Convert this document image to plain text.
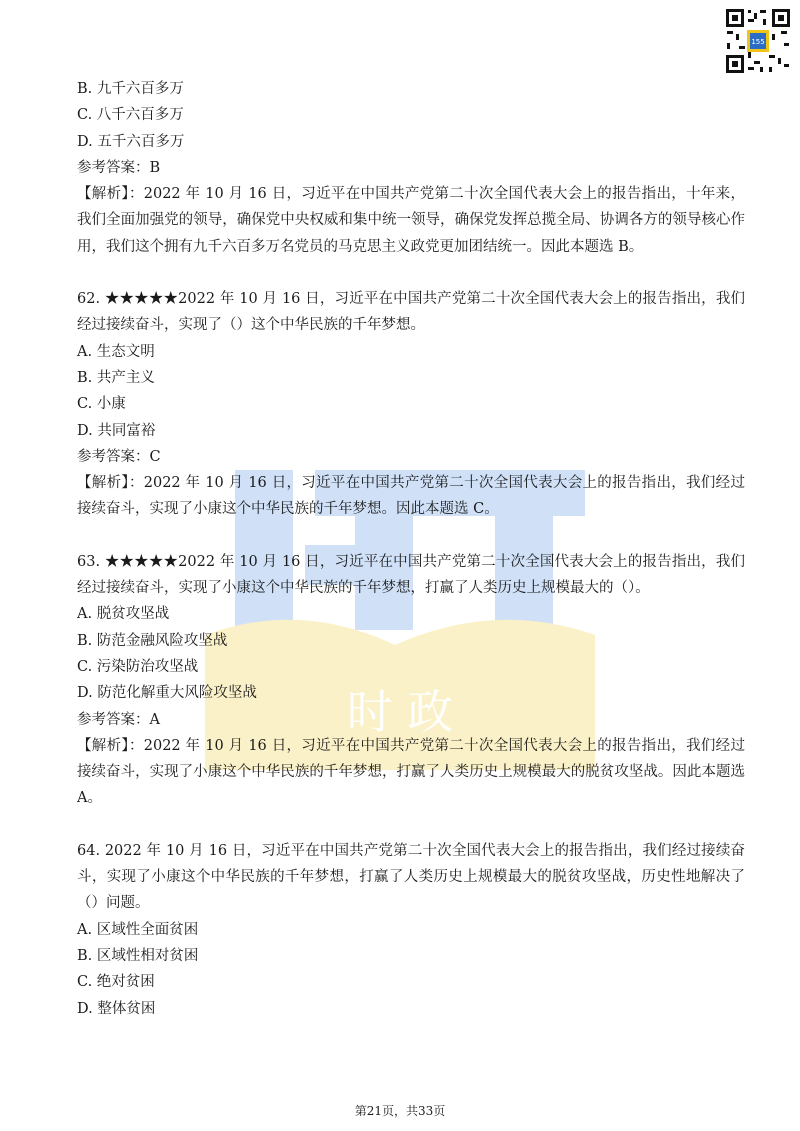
时 政
155
B. 九千六百多万
C. 八千六百多万
D. 五千六百多万
参考答案：B
【解析】：2022 年 10 月 16 日，习近平在中国共产党第二十次全国代表大会上的报告指出，十年来，我们全面加强党的领导，确保党中央权威和集中统一领导，确保党发挥总揽全局、协调各方的领导核心作用，我们这个拥有九千六百多万名党员的马克思主义政党更加团结统一。因此本题选 B。
62. ★★★★★2022 年 10 月 16 日，习近平在中国共产党第二十次全国代表大会上的报告指出，我们经过接续奋斗，实现了（）这个中华民族的千年梦想。
A. 生态文明
B. 共产主义
C. 小康
D. 共同富裕
参考答案：C
【解析】：2022 年 10 月 16 日，习近平在中国共产党第二十次全国代表大会上的报告指出，我们经过接续奋斗，实现了小康这个中华民族的千年梦想。因此本题选 C。
63. ★★★★★2022 年 10 月 16 日，习近平在中国共产党第二十次全国代表大会上的报告指出，我们经过接续奋斗，实现了小康这个中华民族的千年梦想，打赢了人类历史上规模最大的（）。
A. 脱贫攻坚战
B. 防范金融风险攻坚战
C. 污染防治攻坚战
D. 防范化解重大风险攻坚战
参考答案：A
【解析】：2022 年 10 月 16 日，习近平在中国共产党第二十次全国代表大会上的报告指出，我们经过接续奋斗，实现了小康这个中华民族的千年梦想，打赢了人类历史上规模最大的脱贫攻坚战。因此本题选 A。
64. 2022 年 10 月 16 日，习近平在中国共产党第二十次全国代表大会上的报告指出，我们经过接续奋斗，实现了小康这个中华民族的千年梦想，打赢了人类历史上规模最大的脱贫攻坚战，历史性地解决了（）问题。
A. 区域性全面贫困
B. 区域性相对贫困
C. 绝对贫困
D. 整体贫困
第21页，共33页
